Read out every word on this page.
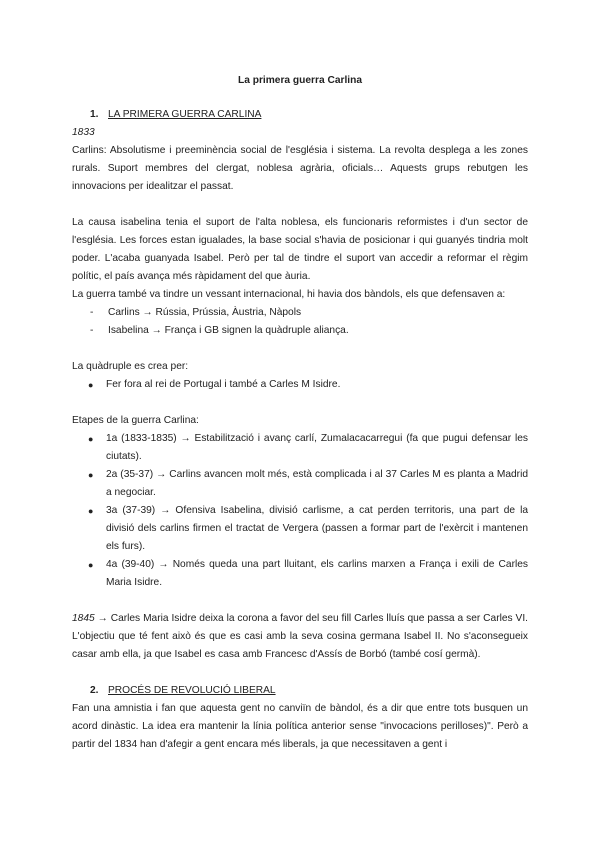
La primera guerra Carlina
1. LA PRIMERA GUERRA CARLINA

1833

Carlins: Absolutisme i preeminència social de l'església i sistema. La revolta desplega a les zones rurals. Suport membres del clergat, noblesa agrària, oficials… Aquests grups rebutgen les innovacions per idealitzar el passat.

La causa isabelina tenia el suport de l'alta noblesa, els funcionaris reformistes i d'un sector de l'església. Les forces estan igualades, la base social s'havia de posicionar i qui guanyés tindria molt poder. L'acaba guanyada Isabel. Però per tal de tindre el suport van accedir a reformar el règim polític, el país avança més ràpidament del que àuria.

La guerra també va tindre un vessant internacional, hi havia dos bàndols, els que defensaven a:

-	Carlins → Rússia, Prússia, Àustria, Nàpols
-	Isabelina → França i GB signen la quàdruple aliança.

La quàdruple es crea per:

●	Fer fora al rei de Portugal i també a Carles M Isidre.

Etapes de la guerra Carlina:

●	1a (1833-1835) → Estabilització i avanç carlí, Zumalacacarregui (fa que pugui defensar les ciutats).
●	2a (35-37) → Carlins avancen molt més, està complicada i al 37 Carles M es planta a Madrid a negociar.
●	3a (37-39) → Ofensiva Isabelina, divisió carlisme, a cat perden territoris, una part de la divisió dels carlins firmen el tractat de Vergera (passen a formar part de l'exèrcit i mantenen els furs).
●	4a (39-40) → Només queda una part lluitant, els carlins marxen a França i exili de Carles Maria Isidre.

1845 → Carles Maria Isidre deixa la corona a favor del seu fill Carles lluís que passa a ser Carles VI. L'objectiu que té fent això és que es casi amb la seva cosina germana Isabel II. No s'aconsegueix casar amb ella, ja que Isabel es casa amb Francesc d'Assís de Borbó (també cosí germà).

2. PROCÉS DE REVOLUCIÓ LIBERAL

Fan una amnistia i fan que aquesta gent no canviïn de bàndol, és a dir que entre tots busquen un acord dinàstic. La idea era mantenir la línia política anterior sense "invocacions perilloses)". Però a partir del 1834 han d'afegir a gent encara més liberals, ja que necessitaven a gent i
